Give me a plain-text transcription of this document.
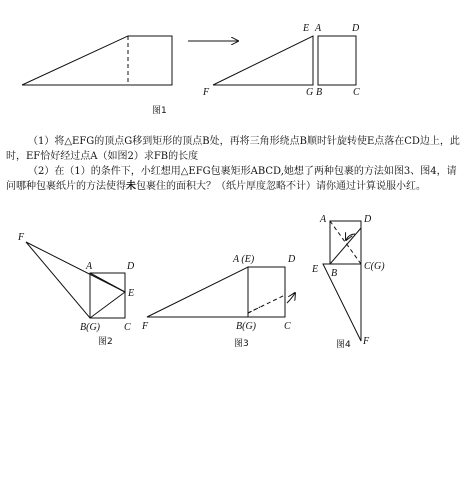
E A	D
F	G B	C
图1
F
A	D
E
B(G) C
图2
A (E)	D
F	B(G)	C
图3
A	D
E B
C(G)
F
图4

（1）将△EFG的顶点G移到矩形的顶点B处，再将三角形绕点B顺时针旋转使E点落在CD边上，此时，EF恰好经过点A（如图2）求FB的长度

（2）在（1）的条件下，小红想用△EFG包裹矩形ABCD,她想了两种包裹的方法如图3、图4，请问哪种包裹纸片的方法使得未包裹住的面积大？（纸片厚度忽略不计）请你通过计算说服小红。
